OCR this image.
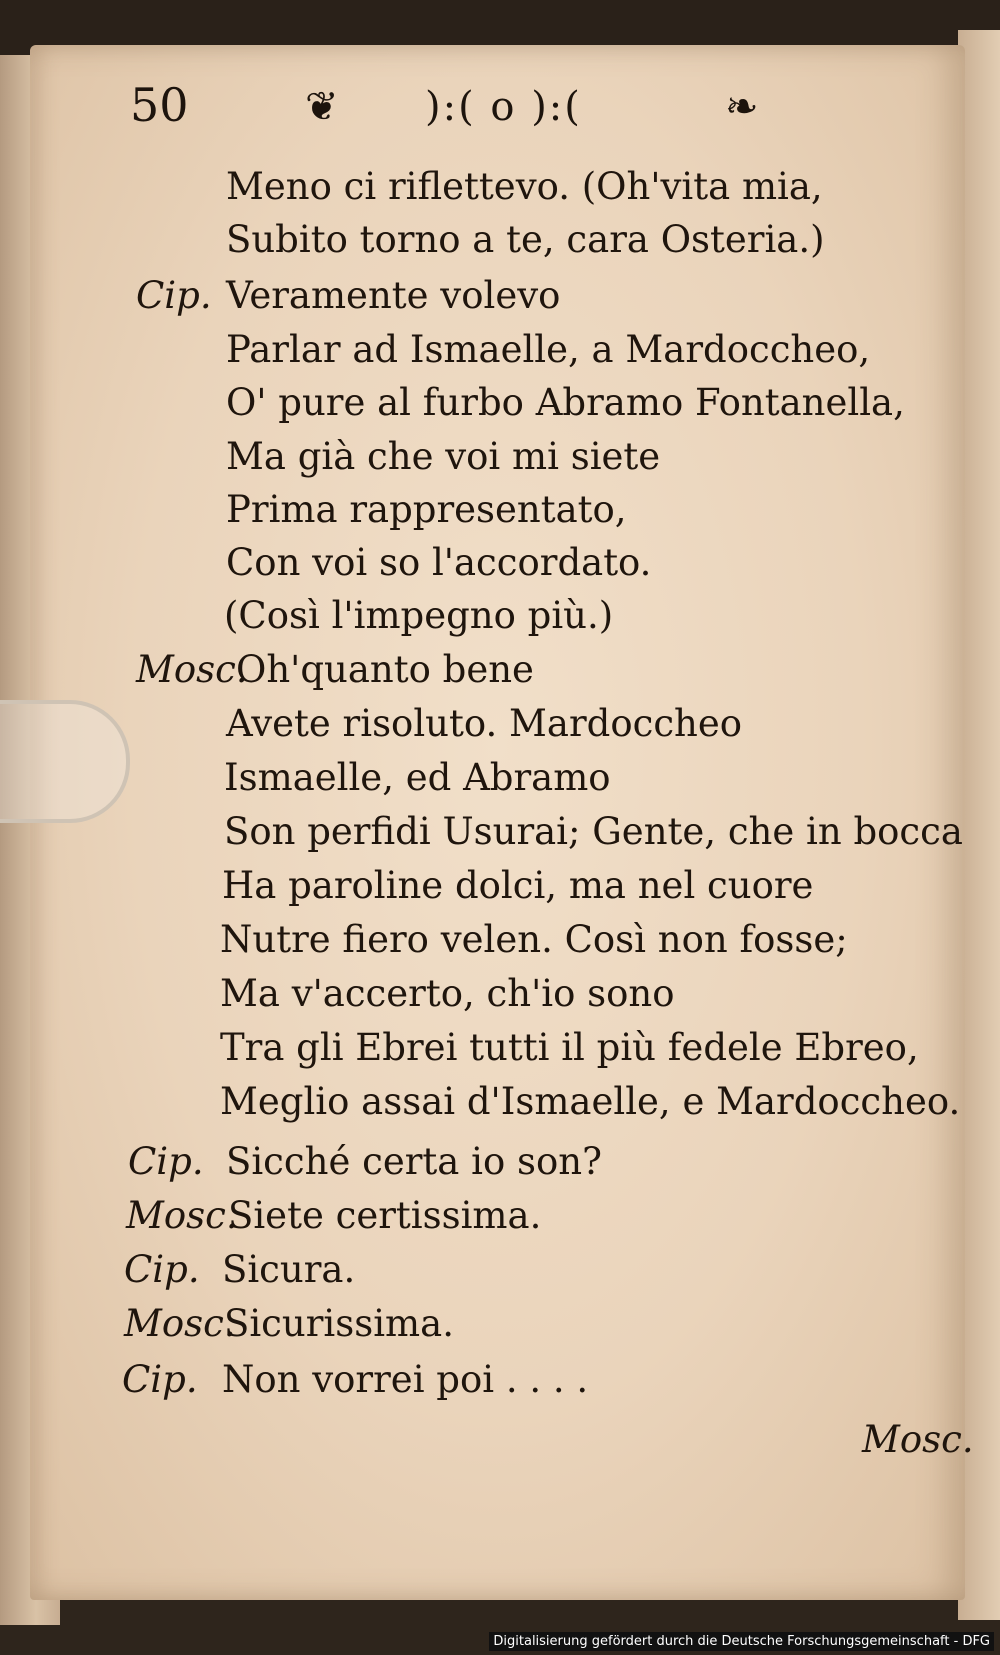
50	❦ ):( o ):(	❧
Meno ci riflettevo. (Oh'vita mia,
Subito torno a te, cara Osteria.)
Cip. Veramente volevo
Parlar ad Ismaelle, a Mardoccheo,
O' pure al furbo Abramo Fontanella,
Ma già che voi mi siete
Prima rappresentato,
Con voi so l'accordato.
(Così l'impegno più.)
Mosc.
Oh'quanto bene
Avete risoluto. Mardoccheo
Ismaelle, ed Abramo
Son perfidi Usurai; Gente, che in bocca
Ha paroline dolci, ma nel cuore
Nutre fiero velen. Così non fosse;
Ma v'accerto, ch'io sono
Tra gli Ebrei tutti il più fedele Ebreo,
Meglio assai d'Ismaelle, e Mardoccheo.
Cip. Sicché certa io son?
Mosc.
Siete certissima.
Cip. Sicura.
Mosc.
Sicurissima.
Cip. Non vorrei poi . . . .
Mosc.
Digitalisierung gefördert durch die Deutsche Forschungsgemeinschaft - DFG
